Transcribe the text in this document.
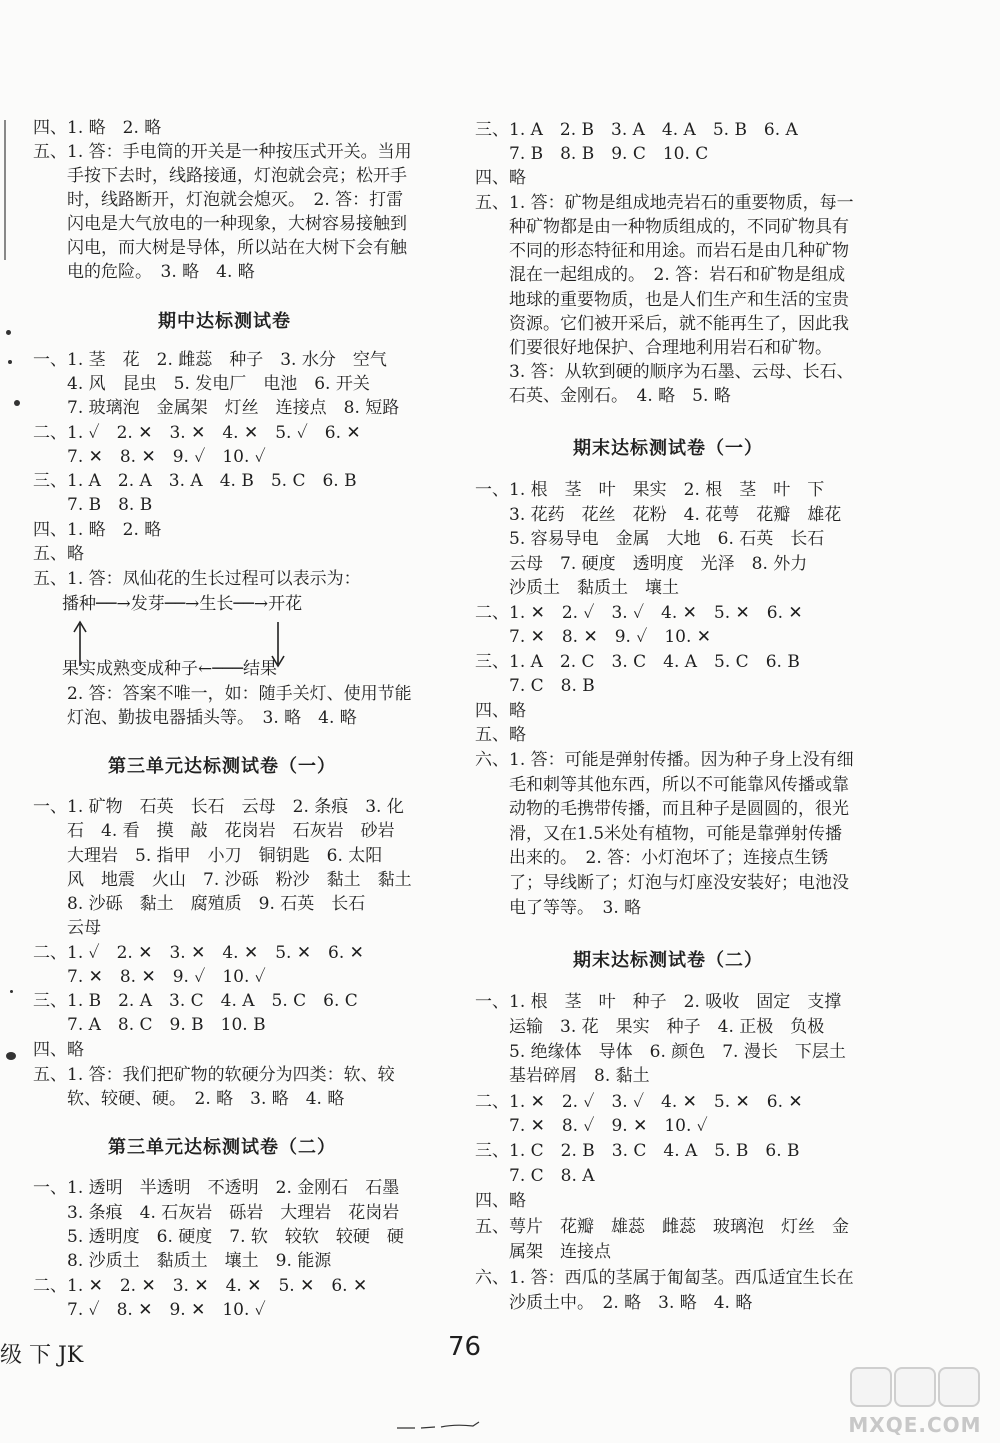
四、1. 略　2. 略
五、1. 答：手电筒的开关是一种按压式开关。当用
　　手按下去时，线路接通，灯泡就会亮；松开手
　　时，线路断开，灯泡就会熄灭。　2. 答：打雷
　　闪电是大气放电的一种现象，大树容易接触到
　　闪电，而大树是导体，所以站在大树下会有触
　　电的危险。　3. 略　4. 略
期中达标测试卷
一、1. 茎　花　2. 雌蕊　种子　3. 水分　空气
　　4. 风　昆虫　5. 发电厂　电池　6. 开关
　　7. 玻璃泡　金属架　灯丝　连接点　8. 短路
二、1. ✓　2. ✕　3. ✕　4. ✕　5. ✓　6. ✕
　　7. ✕　8. ✕　9. ✓　10. ✓
三、1. A　2. A　3. A　4. B　5. C　6. B
　　7. B　8. B
四、1. 略　2. 略
五、略
五、1. 答：凤仙花的生长过程可以表示为：
播种──→发芽──→生长──→开花
果实成熟变成种子←───结果
　　2. 答：答案不唯一，如：随手关灯、使用节能
　　灯泡、勤拔电器插头等。　3. 略　4. 略
第三单元达标测试卷（一）
一、1. 矿物　石英　长石　云母　2. 条痕　3. 化
　　石　4. 看　摸　敲　花岗岩　石灰岩　砂岩
　　大理岩　5. 指甲　小刀　铜钥匙　6. 太阳
　　风　地震　火山　7. 沙砾　粉沙　黏土　黏土
　　8. 沙砾　黏土　腐殖质　9. 石英　长石
　　云母
二、1. ✓　2. ✕　3. ✕　4. ✕　5. ✕　6. ✕
　　7. ✕　8. ✕　9. ✓　10. ✓
三、1. B　2. A　3. C　4. A　5. C　6. C
　　7. A　8. C　9. B　10. B
四、略
五、1. 答：我们把矿物的软硬分为四类：软、较
　　软、较硬、硬。　2. 略　3. 略　4. 略
第三单元达标测试卷（二）
一、1. 透明　半透明　不透明　2. 金刚石　石墨
　　3. 条痕　4. 石灰岩　砾岩　大理岩　花岗岩
　　5. 透明度　6. 硬度　7. 软　较软　较硬　硬
　　8. 沙质土　黏质土　壤土　9. 能源
二、1. ✕　2. ✕　3. ✕　4. ✕　5. ✕　6. ✕
　　7. ✓　8. ✕　9. ✕　10. ✓
三、1. A　2. B　3. A　4. A　5. B　6. A
　　7. B　8. B　9. C　10. C
四、略
五、1. 答：矿物是组成地壳岩石的重要物质，每一
　　种矿物都是由一种物质组成的，不同矿物具有
　　不同的形态特征和用途。而岩石是由几种矿物
　　混在一起组成的。　2. 答：岩石和矿物是组成
　　地球的重要物质，也是人们生产和生活的宝贵
　　资源。它们被开采后，就不能再生了，因此我
　　们要很好地保护、合理地利用岩石和矿物。
　　3. 答：从软到硬的顺序为石墨、云母、长石、
　　石英、金刚石。　4. 略　5. 略
期末达标测试卷（一）
一、1. 根　茎　叶　果实　2. 根　茎　叶　下
　　3. 花药　花丝　花粉　4. 花萼　花瓣　雄花
　　5. 容易导电　金属　大地　6. 石英　长石
　　云母　7. 硬度　透明度　光泽　8. 外力
　　沙质土　黏质土　壤土
二、1. ✕　2. ✓　3. ✓　4. ✕　5. ✕　6. ✕
　　7. ✕　8. ✕　9. ✓　10. ✕
三、1. A　2. C　3. C　4. A　5. C　6. B
　　7. C　8. B
四、略
五、略
六、1. 答：可能是弹射传播。因为种子身上没有细
　　毛和刺等其他东西，所以不可能靠风传播或靠
　　动物的毛携带传播，而且种子是圆圆的，很光
　　滑，又在1.5米处有植物，可能是靠弹射传播
　　出来的。　2. 答：小灯泡坏了；连接点生锈
　　了；导线断了；灯泡与灯座没安装好；电池没
　　电了等等。　3. 略
期末达标测试卷（二）
一、1. 根　茎　叶　种子　2. 吸收　固定　支撑
　　运输　3. 花　果实　种子　4. 正极　负极
　　5. 绝缘体　导体　6. 颜色　7. 漫长　下层土
　　基岩碎屑　8. 黏土
二、1. ✕　2. ✓　3. ✓　4. ✕　5. ✕　6. ✕
　　7. ✕　8. ✓　9. ✕　10. ✓
三、1. C　2. B　3. C　4. A　5. B　6. B
　　7. C　8. A
四、略
五、萼片　花瓣　雄蕊　雌蕊　玻璃泡　灯丝　金
　　属架　连接点
六、1. 答：西瓜的茎属于匍匐茎。西瓜适宜生长在
　　沙质土中。　2. 略　3. 略　4. 略
级 下 JK	76
MXQE.COM
